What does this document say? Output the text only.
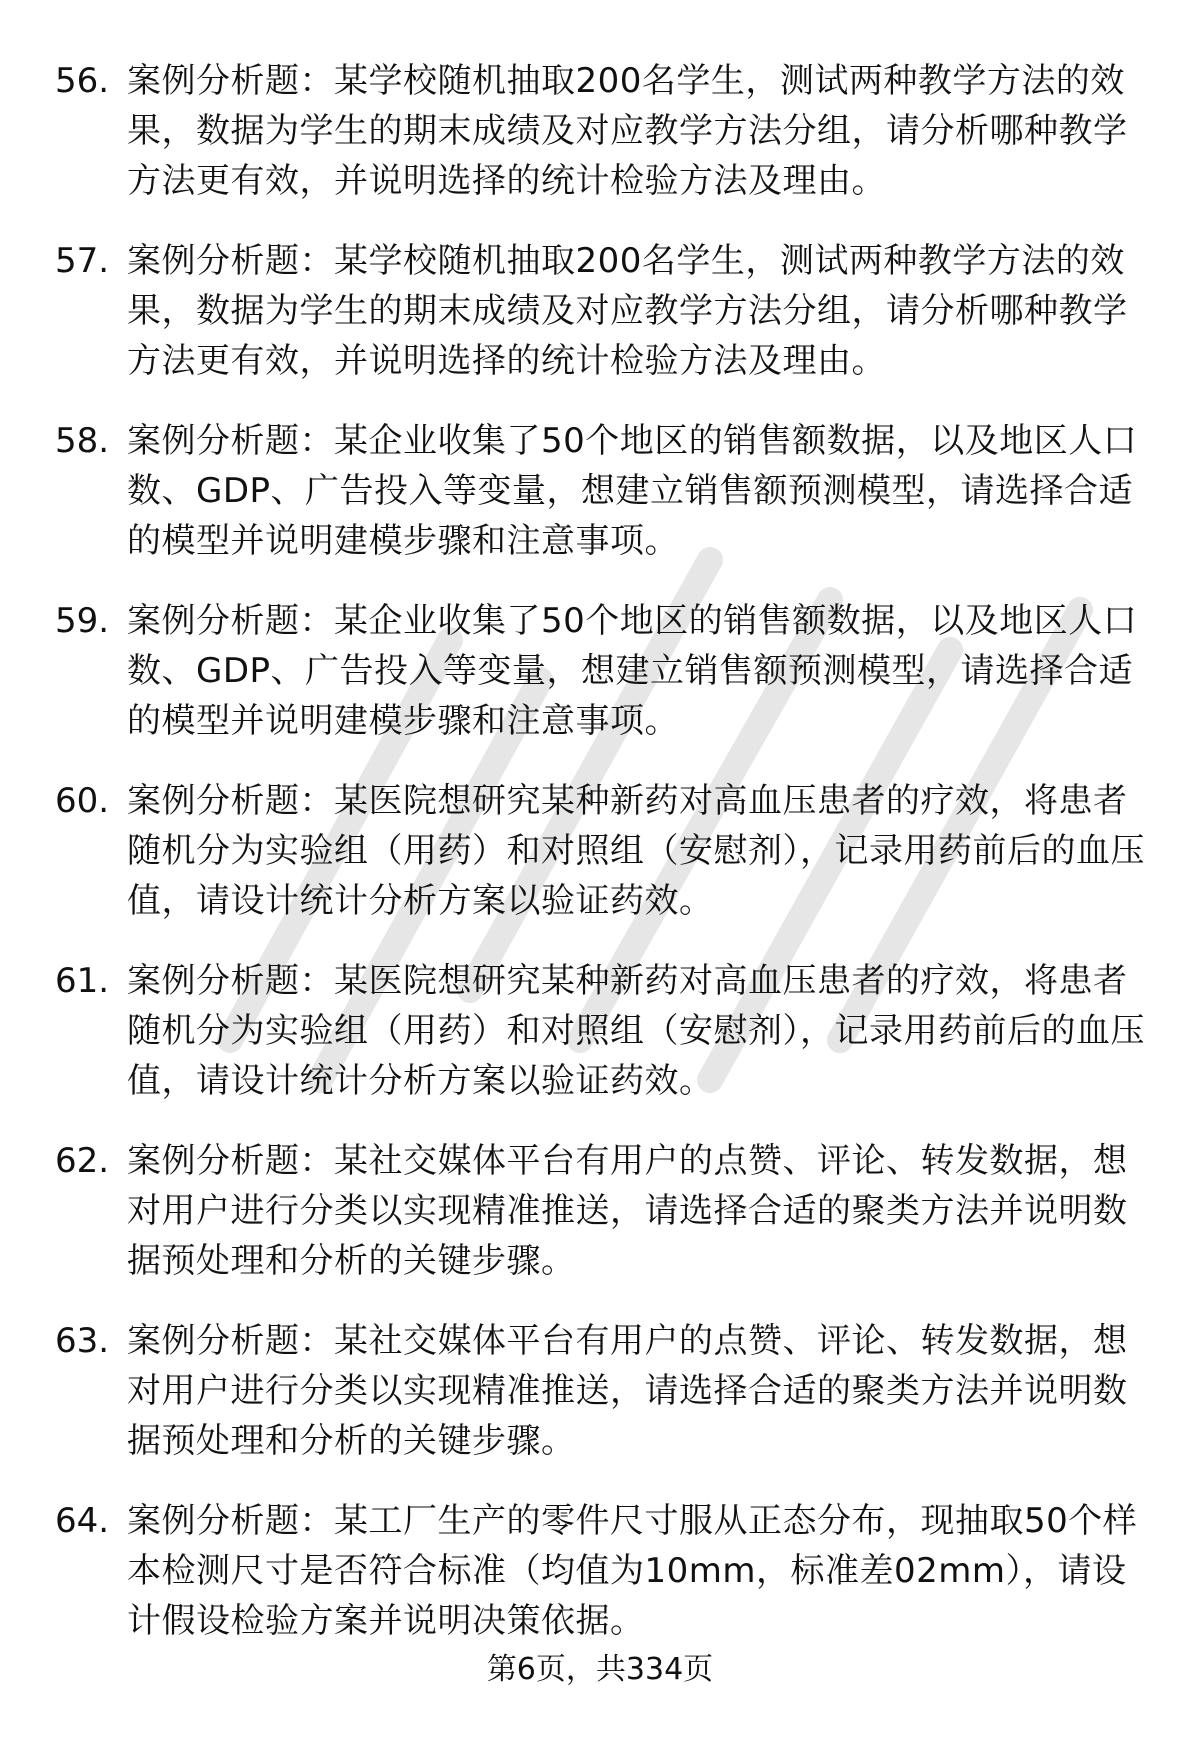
56. 案例分析题：某学校随机抽取200名学生，测试两种教学方法的效果，数据为学生的期末成绩及对应教学方法分组，请分析哪种教学方法更有效，并说明选择的统计检验方法及理由。
57. 案例分析题：某学校随机抽取200名学生，测试两种教学方法的效果，数据为学生的期末成绩及对应教学方法分组，请分析哪种教学方法更有效，并说明选择的统计检验方法及理由。
58. 案例分析题：某企业收集了50个地区的销售额数据，以及地区人口数、GDP、广告投入等变量，想建立销售额预测模型，请选择合适的模型并说明建模步骤和注意事项。
59. 案例分析题：某企业收集了50个地区的销售额数据，以及地区人口数、GDP、广告投入等变量，想建立销售额预测模型，请选择合适的模型并说明建模步骤和注意事项。
60. 案例分析题：某医院想研究某种新药对高血压患者的疗效，将患者随机分为实验组（用药）和对照组（安慰剂），记录用药前后的血压值，请设计统计分析方案以验证药效。
61. 案例分析题：某医院想研究某种新药对高血压患者的疗效，将患者随机分为实验组（用药）和对照组（安慰剂），记录用药前后的血压值，请设计统计分析方案以验证药效。
62. 案例分析题：某社交媒体平台有用户的点赞、评论、转发数据，想对用户进行分类以实现精准推送，请选择合适的聚类方法并说明数据预处理和分析的关键步骤。
63. 案例分析题：某社交媒体平台有用户的点赞、评论、转发数据，想对用户进行分类以实现精准推送，请选择合适的聚类方法并说明数据预处理和分析的关键步骤。
64. 案例分析题：某工厂生产的零件尺寸服从正态分布，现抽取50个样本检测尺寸是否符合标准（均值为10mm，标准差02mm），请设计假设检验方案并说明决策依据。
第6页，共334页
